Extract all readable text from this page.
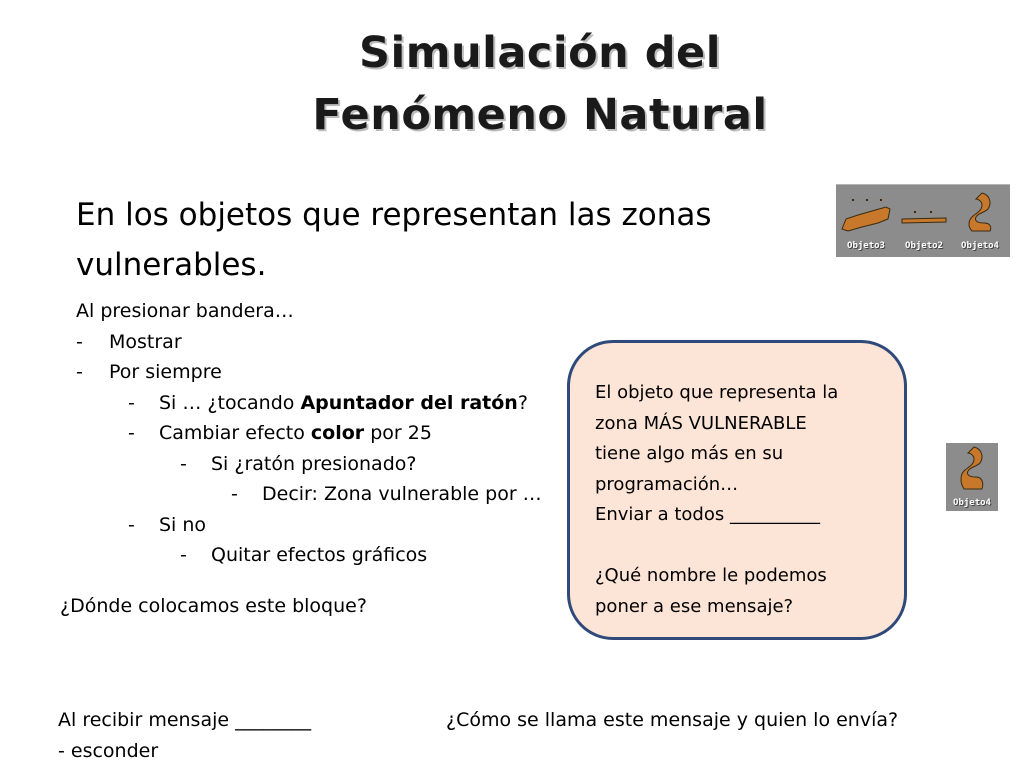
Simulación del
Fenómeno Natural
En los objetos que representan las zonas vulnerables.
Al presionar bandera…
- Mostrar
- Por siempre
- Si … ¿tocando Apuntador del ratón?
- Cambiar efecto color por 25
- Si ¿ratón presionado?
- Decir: Zona vulnerable por …
- Si no
- Quitar efectos gráficos
¿Dónde colocamos este bloque?
El objeto que representa la
zona MÁS VULNERABLE
tiene algo más en su
programación…
Enviar a todos __________
¿Qué nombre le podemos
poner a ese mensaje?
Objeto3	Objeto2	Objeto4
Objeto4
Al recibir mensaje ________
- esconder
¿Cómo se llama este mensaje y quien lo envía?
